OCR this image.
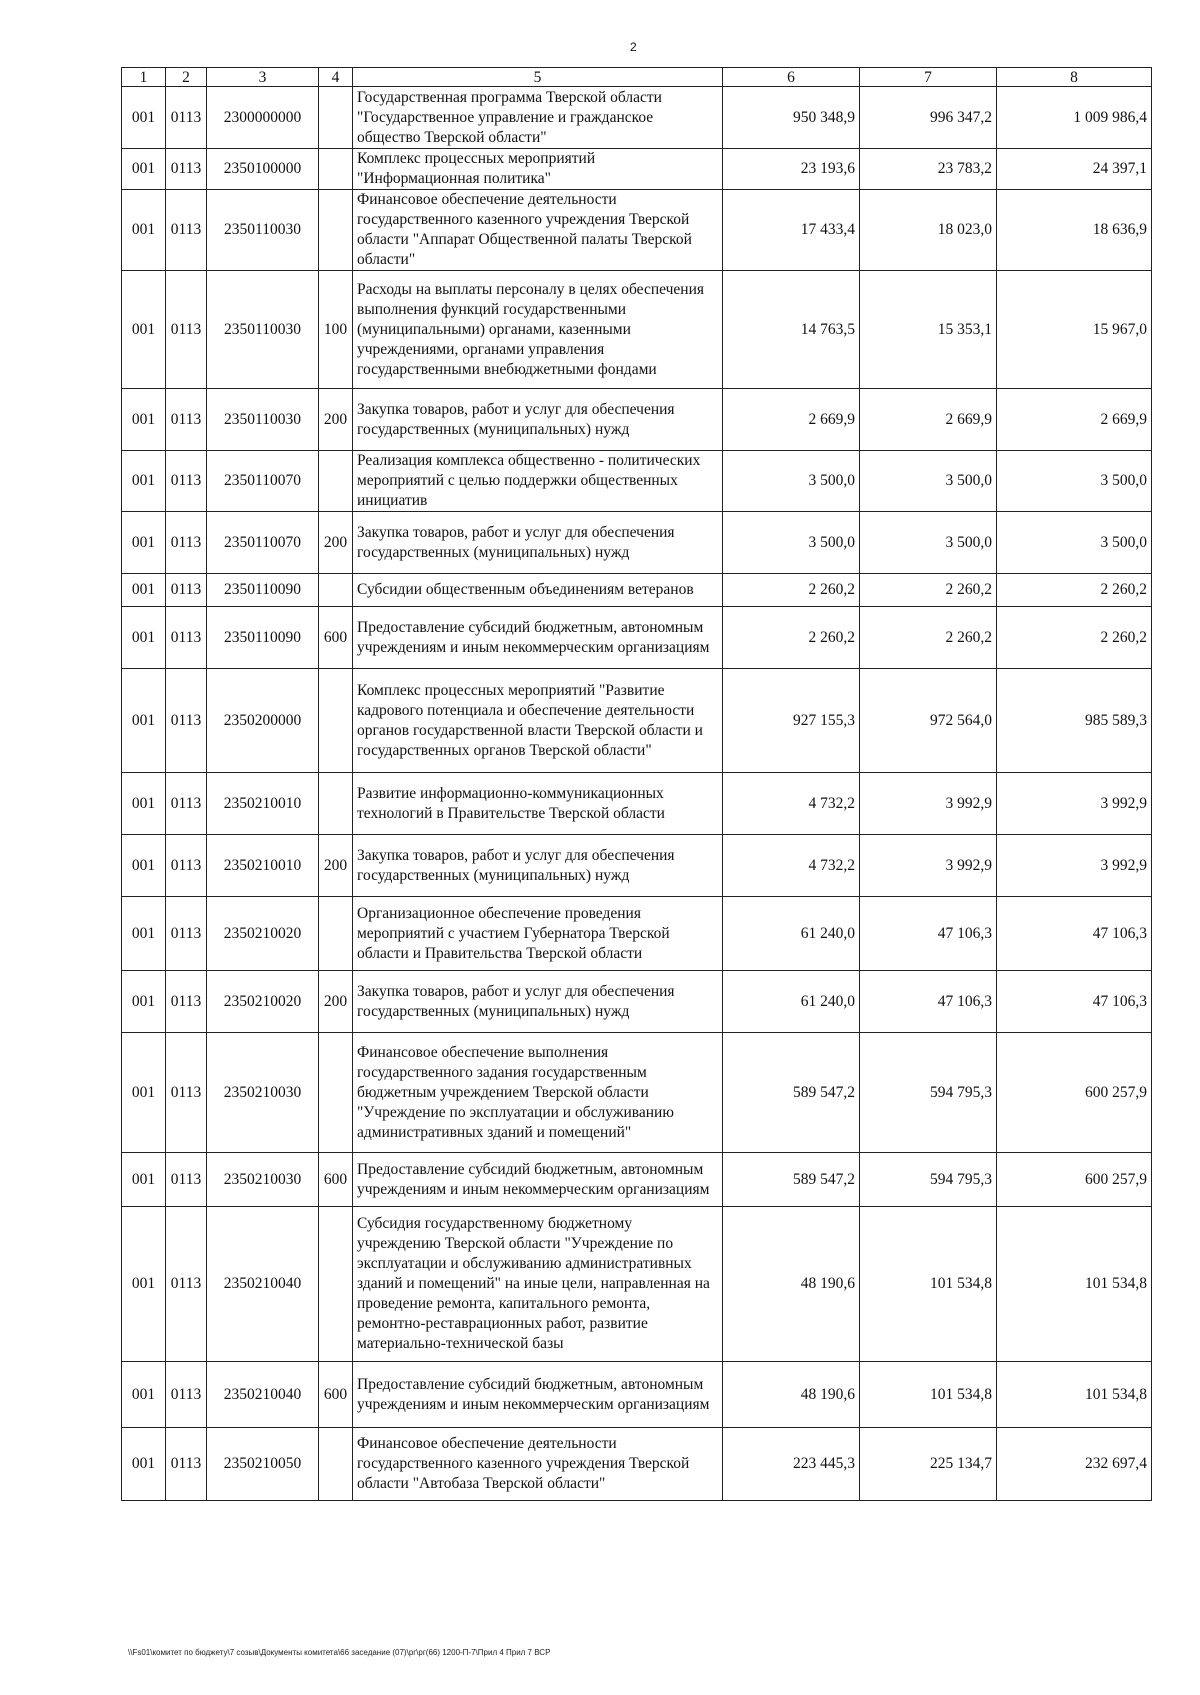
2
1	2	3	4	5	6	7	8
001	0113	2300000000		Государственная программа Тверской области "Государственное управление и гражданское общество Тверской области"	950 348,9	996 347,2	1 009 986,4
001	0113	2350100000		Комплекс процессных мероприятий "Информационная политика"	23 193,6	23 783,2	24 397,1
001	0113	2350110030		Финансовое обеспечение деятельности государственного казенного учреждения Тверской области "Аппарат Общественной палаты Тверской области"	17 433,4	18 023,0	18 636,9
001	0113	2350110030	100	Расходы на выплаты персоналу в целях обеспечения выполнения функций государственными (муниципальными) органами, казенными учреждениями, органами управления государственными внебюджетными фондами	14 763,5	15 353,1	15 967,0
001	0113	2350110030	200	Закупка товаров, работ и услуг для обеспечения государственных (муниципальных) нужд	2 669,9	2 669,9	2 669,9
001	0113	2350110070		Реализация комплекса общественно - политических мероприятий с целью поддержки общественных инициатив	3 500,0	3 500,0	3 500,0
001	0113	2350110070	200	Закупка товаров, работ и услуг для обеспечения государственных (муниципальных) нужд	3 500,0	3 500,0	3 500,0
001	0113	2350110090		Субсидии общественным объединениям ветеранов	2 260,2	2 260,2	2 260,2
001	0113	2350110090	600	Предоставление субсидий бюджетным, автономным учреждениям и иным некоммерческим организациям	2 260,2	2 260,2	2 260,2
001	0113	2350200000		Комплекс процессных мероприятий "Развитие кадрового потенциала и обеспечение деятельности органов государственной власти Тверской области и государственных органов Тверской области"	927 155,3	972 564,0	985 589,3
001	0113	2350210010		Развитие информационно-коммуникационных технологий в Правительстве Тверской области	4 732,2	3 992,9	3 992,9
001	0113	2350210010	200	Закупка товаров, работ и услуг для обеспечения государственных (муниципальных) нужд	4 732,2	3 992,9	3 992,9
001	0113	2350210020		Организационное обеспечение проведения мероприятий с участием Губернатора Тверской области и Правительства Тверской области	61 240,0	47 106,3	47 106,3
001	0113	2350210020	200	Закупка товаров, работ и услуг для обеспечения государственных (муниципальных) нужд	61 240,0	47 106,3	47 106,3
001	0113	2350210030		Финансовое обеспечение выполнения государственного задания государственным бюджетным учреждением Тверской области "Учреждение по эксплуатации и обслуживанию административных зданий и помещений"	589 547,2	594 795,3	600 257,9
001	0113	2350210030	600	Предоставление субсидий бюджетным, автономным учреждениям и иным некоммерческим организациям	589 547,2	594 795,3	600 257,9
001	0113	2350210040		Субсидия государственному бюджетному учреждению Тверской области "Учреждение по эксплуатации и обслуживанию административных зданий и помещений" на иные цели, направленная на проведение ремонта, капитального ремонта, ремонтно-реставрационных работ, развитие материально-технической базы	48 190,6	101 534,8	101 534,8
001	0113	2350210040	600	Предоставление субсидий бюджетным, автономным учреждениям и иным некоммерческим организациям	48 190,6	101 534,8	101 534,8
001	0113	2350210050		Финансовое обеспечение деятельности государственного казенного учреждения Тверской области "Автобаза Тверской области"	223 445,3	225 134,7	232 697,4
\\Fs01\комитет по бюджету\7 созыв\Документы комитета\66 заседание (07)\рг\рг(66) 1200-П-7\Прил 4 Прил 7 ВСР
